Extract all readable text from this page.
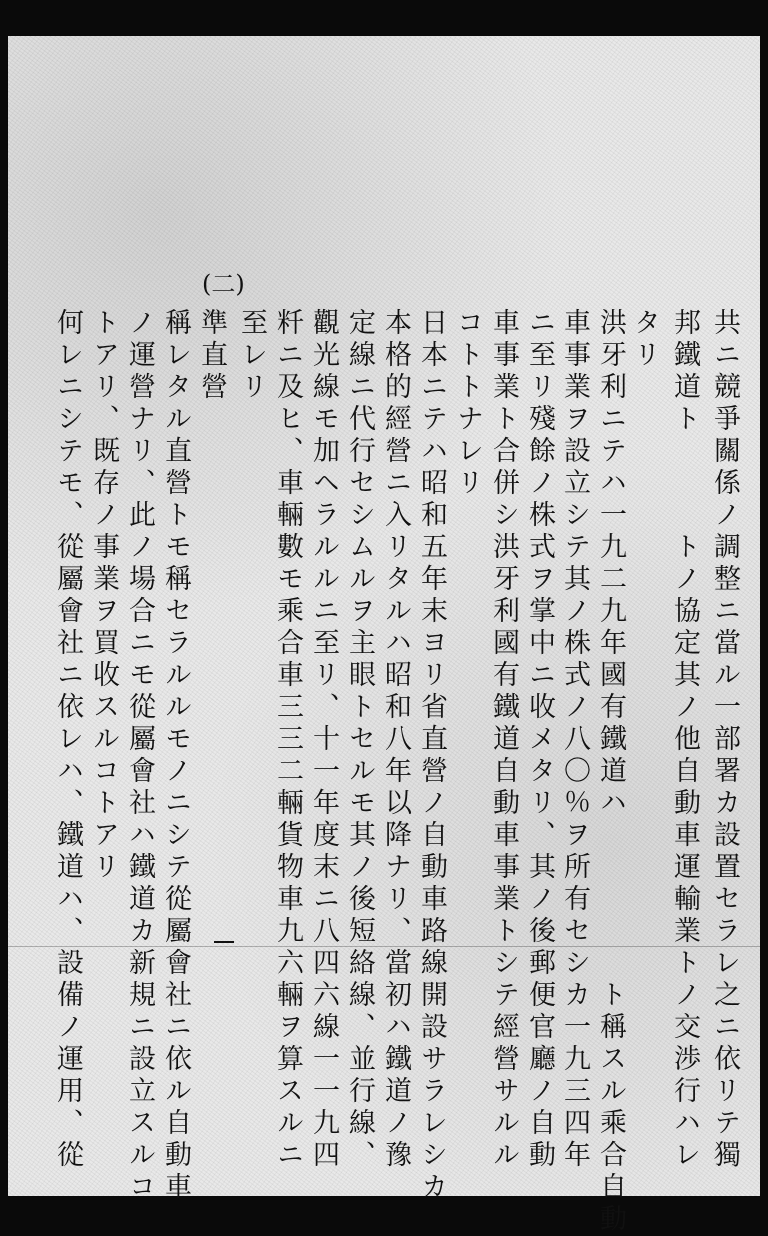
共ニ競爭關係ノ調整ニ當ル一部署カ設置セラレ之ニ依リテ獨
邦鐵道ト　　　トノ協定其ノ他自動車運輸業トノ交渉行ハレ
タリ
洪牙利ニテハ一九二九年國有鐵道ハ　　　　　ト稱スル乘合自動
車事業ヲ設立シテ其ノ株式ノ八〇％ヲ所有セシカ一九三四年
ニ至リ殘餘ノ株式ヲ掌中ニ收メタリ、其ノ後郵便官廳ノ自動
車事業ト合併シ洪牙利國有鐵道自動車事業トシテ經營サルル
コトトナレリ
日本ニテハ昭和五年末ヨリ省直營ノ自動車路線開設サラレシカ
本格的經營ニ入リタルハ昭和八年以降ナリ、當初ハ鐵道ノ豫
定線ニ代行セシムルヲ主眼トセルモ其ノ後短絡線、並行線、
觀光線モ加ヘラルルニ至リ、十一年度末ニ八四六線一一九四
粁ニ及ヒ、車輛數モ乘合車三三二輛貨物車九六輛ヲ算スルニ
至レリ
(二)
準直營
稱レタル直營トモ稱セラルルモノニシテ從屬會社ニ依ル自動車
ノ運營ナリ、此ノ場合ニモ從屬會社ハ鐵道カ新規ニ設立スルコ
トアリ、既存ノ事業ヲ買收スルコトアリ
何レニシテモ、從屬會社ニ依レハ、鐵道ハ、設備ノ運用、從
